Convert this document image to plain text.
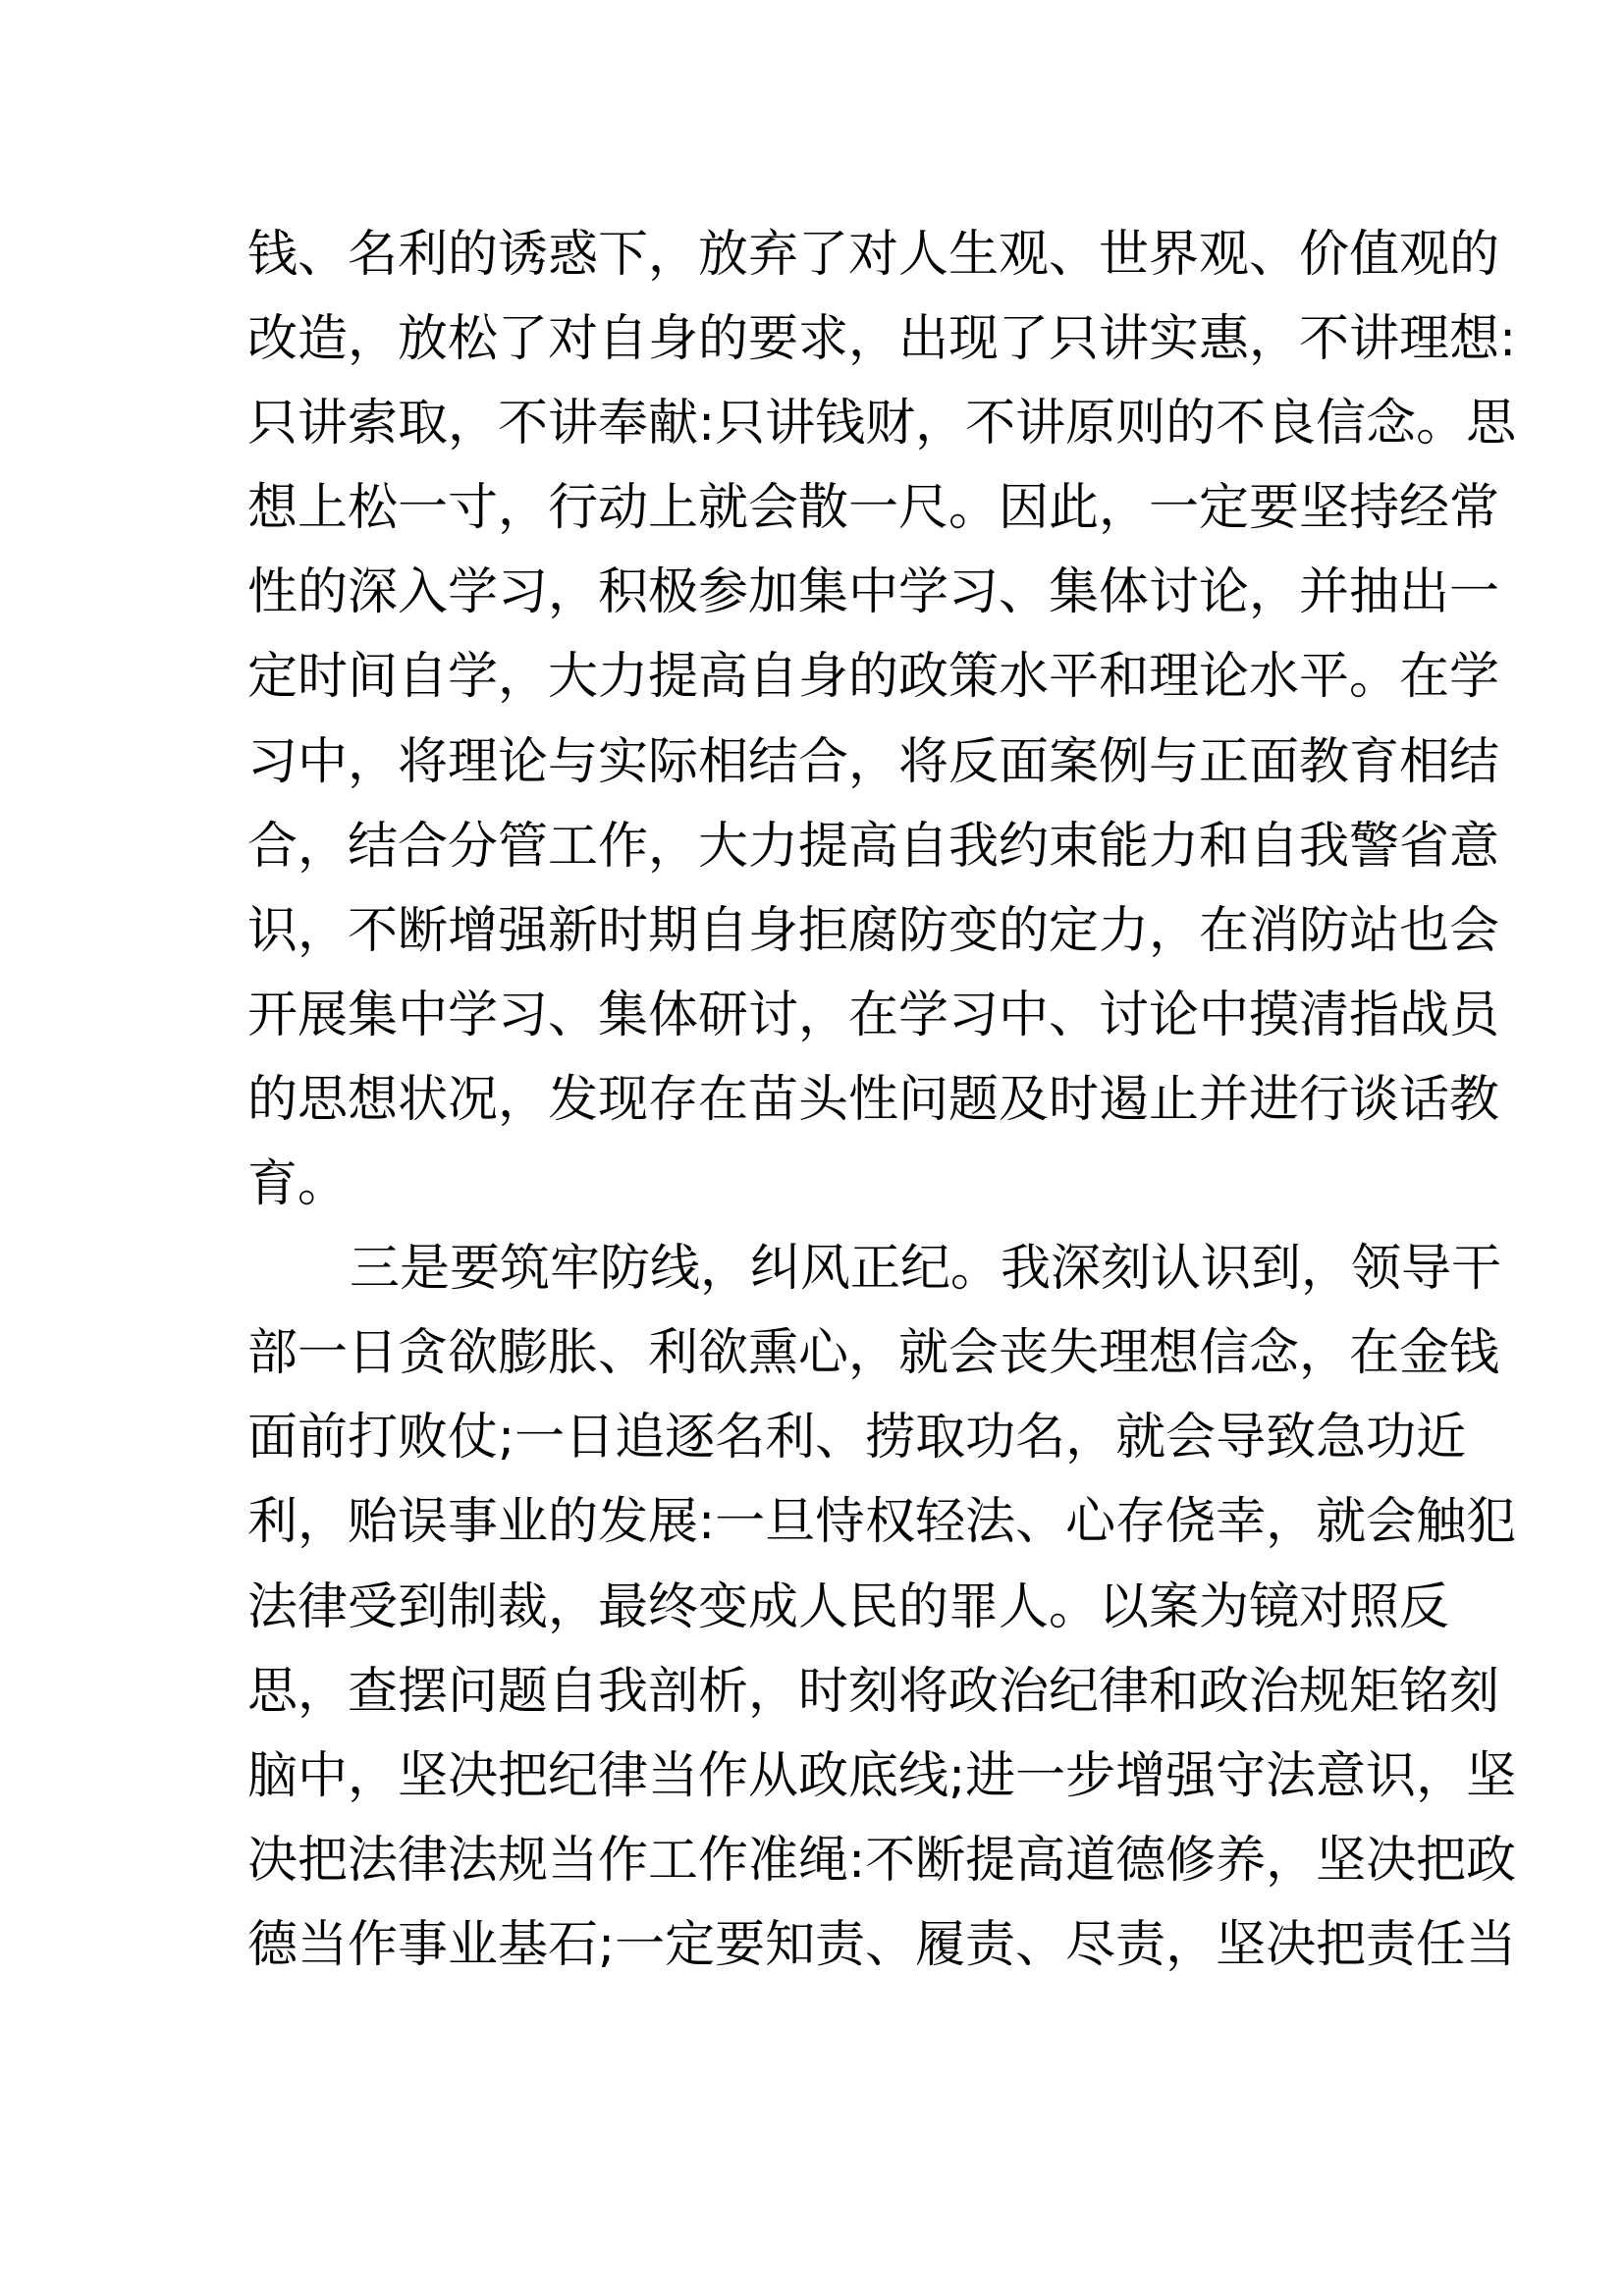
钱、名利的诱惑下，放弃了对人生观、世界观、价值观的
改造，放松了对自身的要求，出现了只讲实惠，不讲理想:
只讲索取，不讲奉献:只讲钱财，不讲原则的不良信念。思
想上松一寸，行动上就会散一尺。因此，一定要坚持经常
性的深入学习，积极参加集中学习、集体讨论，并抽出一
定时间自学，大力提高自身的政策水平和理论水平。在学
习中，将理论与实际相结合，将反面案例与正面教育相结
合，结合分管工作，大力提高自我约束能力和自我警省意
识，不断增强新时期自身拒腐防变的定力，在消防站也会
开展集中学习、集体研讨，在学习中、讨论中摸清指战员
的思想状况，发现存在苗头性问题及时遏止并进行谈话教
育。
三是要筑牢防线，纠风正纪。我深刻认识到，领导干
部一日贪欲膨胀、利欲熏心，就会丧失理想信念，在金钱
面前打败仗;一日追逐名利、捞取功名，就会导致急功近
利，贻误事业的发展:一旦恃权轻法、心存侥幸，就会触犯
法律受到制裁，最终变成人民的罪人。以案为镜对照反
思，查摆问题自我剖析，时刻将政治纪律和政治规矩铭刻
脑中，坚决把纪律当作从政底线;进一步增强守法意识，坚
决把法律法规当作工作准绳:不断提高道德修养，坚决把政
德当作事业基石;一定要知责、履责、尽责，坚决把责任当
